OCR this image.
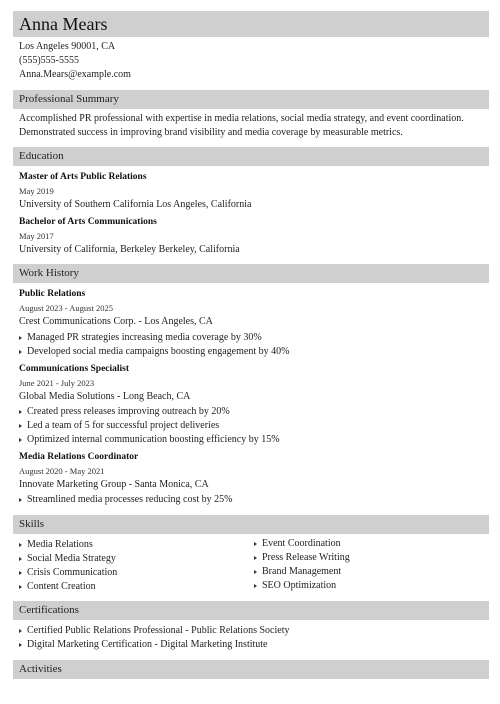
Anna Mears
Los Angeles 90001, CA
(555)555-5555
Anna.Mears@example.com
Professional Summary
Accomplished PR professional with expertise in media relations, social media strategy, and event coordination.
Demonstrated success in improving brand visibility and media coverage by measurable metrics.
Education
Master of Arts Public Relations
May 2019
University of Southern California Los Angeles, California
Bachelor of Arts Communications
May 2017
University of California, Berkeley Berkeley, California
Work History
Public Relations
August 2023 - August 2025
Crest Communications Corp. - Los Angeles, CA
Managed PR strategies increasing media coverage by 30%
Developed social media campaigns boosting engagement by 40%
Communications Specialist
June 2021 - July 2023
Global Media Solutions - Long Beach, CA
Created press releases improving outreach by 20%
Led a team of 5 for successful project deliveries
Optimized internal communication boosting efficiency by 15%
Media Relations Coordinator
August 2020 - May 2021
Innovate Marketing Group - Santa Monica, CA
Streamlined media processes reducing cost by 25%
Skills
Media Relations
Social Media Strategy
Crisis Communication
Content Creation
Event Coordination
Press Release Writing
Brand Management
SEO Optimization
Certifications
Certified Public Relations Professional - Public Relations Society
Digital Marketing Certification - Digital Marketing Institute
Activities
